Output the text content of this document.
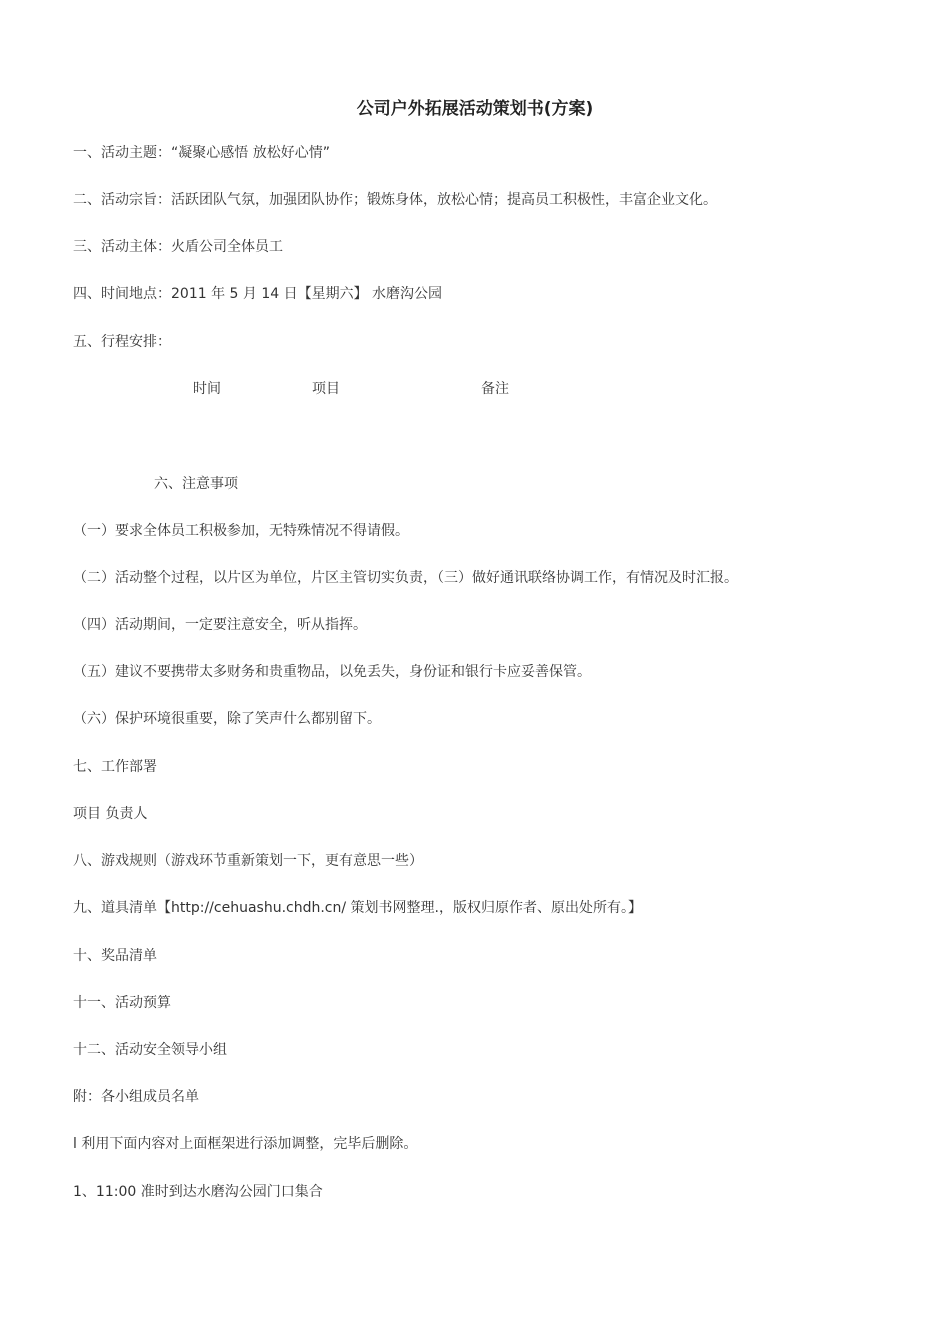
公司户外拓展活动策划书(方案)
一、活动主题：“凝聚心感悟 放松好心情”
二、活动宗旨：活跃团队气氛，加强团队协作；锻炼身体，放松心情；提高员工积极性，丰富企业文化。
三、活动主体：火盾公司全体员工
四、时间地点：2011 年 5 月 14 日【星期六】 水磨沟公园
五、行程安排：
时间	项目	备注
六、注意事项
（一）要求全体员工积极参加，无特殊情况不得请假。
（二）活动整个过程，以片区为单位，片区主管切实负责，（三）做好通讯联络协调工作，有情况及时汇报。
（四）活动期间，一定要注意安全，听从指挥。
（五）建议不要携带太多财务和贵重物品，以免丢失，身份证和银行卡应妥善保管。
（六）保护环境很重要，除了笑声什么都别留下。
七、工作部署
项目 负责人
八、游戏规则（游戏环节重新策划一下，更有意思一些）
九、道具清单【http://cehuashu.chdh.cn/ 策划书网整理.，版权归原作者、原出处所有。】
十、奖品清单
十一、活动预算
十二、活动安全领导小组
附：各小组成员名单
l 利用下面内容对上面框架进行添加调整，完毕后删除。
1、11:00 准时到达水磨沟公园门口集合
